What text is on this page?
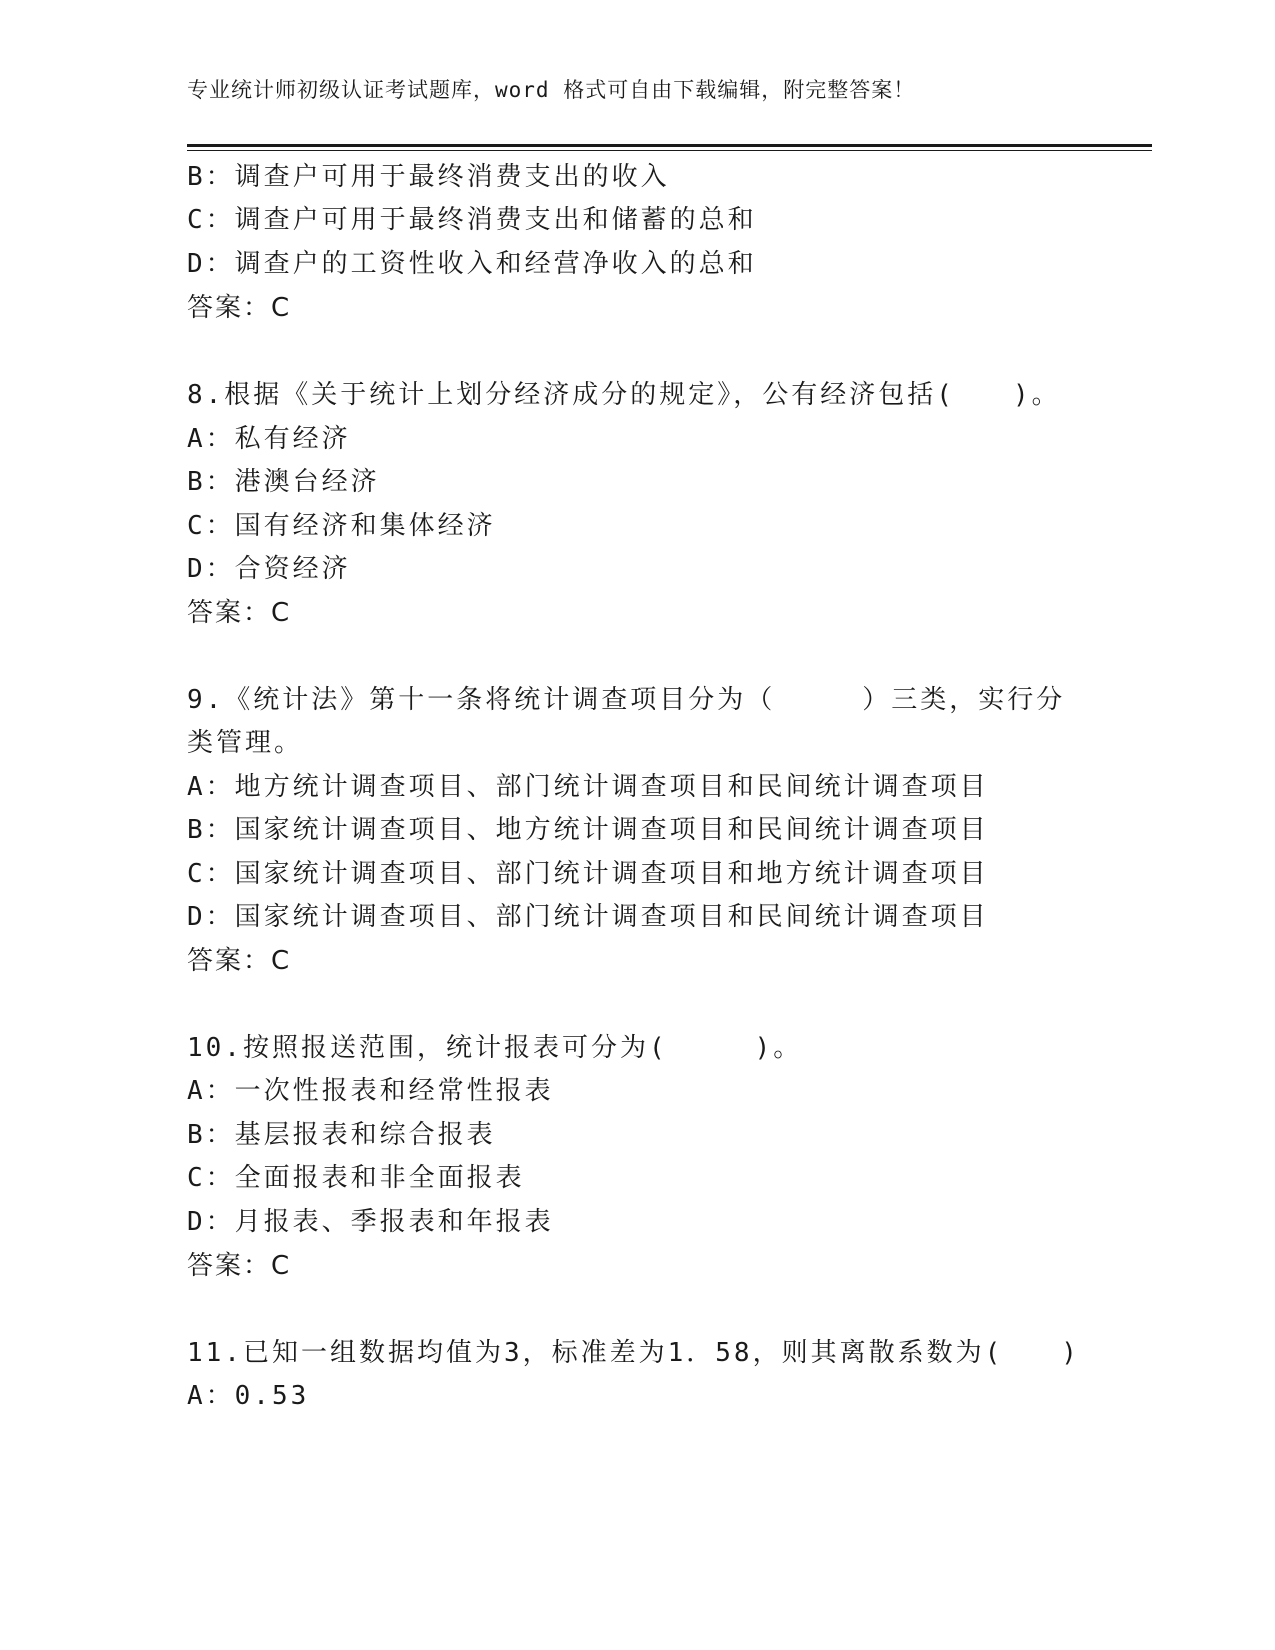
专业统计师初级认证考试题库，word 格式可自由下载编辑，附完整答案！
B：调查户可用于最终消费支出的收入
C：调查户可用于最终消费支出和储蓄的总和
D：调查户的工资性收入和经营净收入的总和
答案：C
8.根据《关于统计上划分经济成分的规定》，公有经济包括(　　)。
A：私有经济
B：港澳台经济
C：国有经济和集体经济
D：合资经济
答案：C
9.《统计法》第十一条将统计调查项目分为（　　　）三类，实行分
类管理。
A：地方统计调查项目、部门统计调查项目和民间统计调查项目
B：国家统计调查项目、地方统计调查项目和民间统计调查项目
C：国家统计调查项目、部门统计调查项目和地方统计调查项目
D：国家统计调查项目、部门统计调查项目和民间统计调查项目
答案：C
10.按照报送范围，统计报表可分为(　　　)。
A：一次性报表和经常性报表
B：基层报表和综合报表
C：全面报表和非全面报表
D：月报表、季报表和年报表
答案：C
11.已知一组数据均值为3，标准差为1．58，则其离散系数为(　　)
A：0.53
